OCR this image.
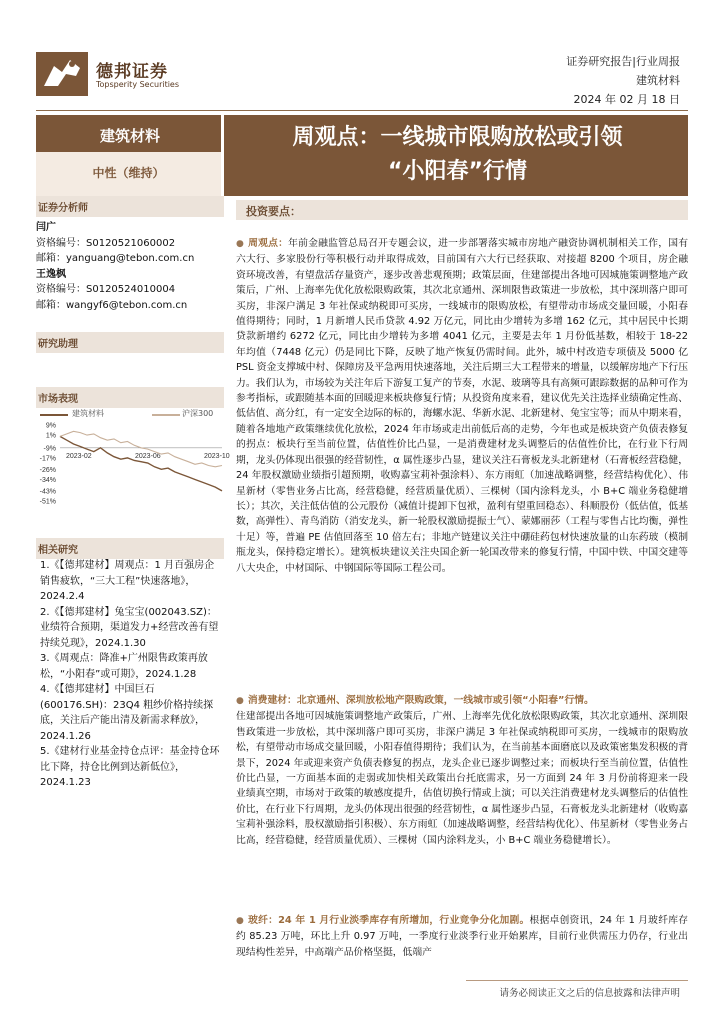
德邦证券
Topsperity Securities
证券研究报告|行业周报
建筑材料
2024 年 02 月 18 日
建筑材料
中性（维持）
周观点：一线城市限购放松或引领
“小阳春”行情
证券分析师
闫广
资格编号：S0120521060002
邮箱：yanguang@tebon.com.cn
王逸枫
资格编号：S0120524010004
邮箱：wangyf6@tebon.com.cn
研究助理
市场表现
建筑材料	沪深300
9%
1%
-9%
-17%
-26%
-34%
-43%
-51%
2023-02	2023-06	2023-10
相关研究
1.《【德邦建材】周观点：1 月百强房企销售疲软，“三大工程”快速落地》，2024.2.4
2.《【德邦建材】兔宝宝(002043.SZ)：业绩符合预期，渠道发力+经营改善有望持续兑现》，2024.1.30
3.《周观点：降准+广州限售政策再放松，“小阳春”或可期》，2024.1.28
4.《【德邦建材】中国巨石(600176.SH)：23Q4 粗纱价格持续探底，关注后产能出清及新需求释放》，2024.1.26
5.《建材行业基金持仓点评：基金持仓环比下降，持仓比例到达新低位》，2024.1.23
投资要点：
● 周观点：年前金融监管总局召开专题会议，进一步部署落实城市房地产融资协调机制相关工作，国有六大行、多家股份行等积极行动并取得成效，目前国有六大行已经获取、对接超 8200 个项目，房企融资环境改善，有望盘活存量资产，逐步改善悲观预期；政策层面，住建部提出各地可因城施策调整地产政策后，广州、上海率先优化放松限购政策，其次北京通州、深圳限售政策进一步放松，其中深圳落户即可买房，非深户满足 3 年社保或纳税即可买房，一线城市的限购放松，有望带动市场成交量回暖，小阳春值得期待；同时，1 月新增人民币贷款 4.92 万亿元，同比由少增转为多增 162 亿元，其中居民中长期贷款新增约 6272 亿元，同比由少增转为多增 4041 亿元，主要是去年 1 月份低基数，相较于 18-22 年均值（7448 亿元）仍是同比下降，反映了地产恢复仍需时间。此外，城中村改造专项债及 5000 亿 PSL 资金支撑城中村、保障房及平急两用快速落地，关注后期三大工程带来的增量，以缓解房地产下行压力。我们认为，市场较为关注年后下游复工复产的节奏，水泥、玻璃等具有高频可跟踪数据的品种可作为参考指标，或跟随基本面的回暖迎来板块修复行情；从投资角度来看，建议优先关注选择业绩确定性高、低估值、高分红，有一定安全边际的标的，海螺水泥、华新水泥、北新建材、兔宝宝等；而从中期来看，随着各地地产政策继续优化放松，2024 年市场或走出前低后高的走势，今年也或是板块资产负债表修复的拐点：板块行至当前位置，估值性价比凸显，一是消费建材龙头调整后的估值性价比，在行业下行周期，龙头仍体现出很强的经营韧性，α 属性逐步凸显，建议关注石膏板龙头北新建材（石膏板经营稳健，24 年股权激励业绩指引超预期，收购嘉宝莉补强涂料）、东方雨虹（加速战略调整，经营结构优化）、伟星新材（零售业务占比高，经营稳健，经营质量优质）、三棵树（国内涂料龙头，小 B+C 端业务稳健增长）；其次，关注低估值的公元股份（减值计提卸下包袱，盈利有望重回稳态）、科顺股份（低估值，低基数，高弹性）、青鸟消防（消安龙头，新一轮股权激励提振士气）、蒙娜丽莎（工程与零售占比均衡，弹性十足）等，普遍 PE 估值回落至 10 倍左右；非地产链建议关注中硼硅药包材快速放量的山东药玻（模制瓶龙头，保持稳定增长）。建筑板块建议关注央国企新一轮国改带来的修复行情，中国中铁、中国交建等八大央企，中材国际、中钢国际等国际工程公司。
● 消费建材：北京通州、深圳放松地产限购政策，一线城市或引领“小阳春”行情。
住建部提出各地可因城施策调整地产政策后，广州、上海率先优化放松限购政策，其次北京通州、深圳限售政策进一步放松，其中深圳落户即可买房，非深户满足 3 年社保或纳税即可买房，一线城市的限购放松，有望带动市场成交量回暖，小阳春值得期待；我们认为，在当前基本面磨底以及政策密集发积极的背景下，2024 年或迎来资产负债表修复的拐点，龙头企业已逐步调整过来；而板块行至当前位置，估值性价比凸显，一方面基本面的走弱或加快相关政策出台托底需求，另一方面到 24 年 3 月份前将迎来一段业绩真空期，市场对于政策的敏感度提升，估值切换行情或上演；可以关注消费建材龙头调整后的估值性价比，在行业下行周期，龙头仍体现出很强的经营韧性，α 属性逐步凸显，石膏板龙头北新建材（收购嘉宝莉补强涂料，股权激励指引积极）、东方雨虹（加速战略调整，经营结构优化）、伟星新材（零售业务占比高，经营稳健，经营质量优质）、三棵树（国内涂料龙头，小 B+C 端业务稳健增长）。
● 玻纤：24 年 1 月行业淡季库存有所增加，行业竞争分化加剧。根据卓创资讯，24 年 1 月玻纤库存约 85.23 万吨，环比上升 0.97 万吨，一季度行业淡季行业开始累库，目前行业供需压力仍存，行业出现结构性差异，中高端产品价格坚挺，低端产
请务必阅读正文之后的信息披露和法律声明
